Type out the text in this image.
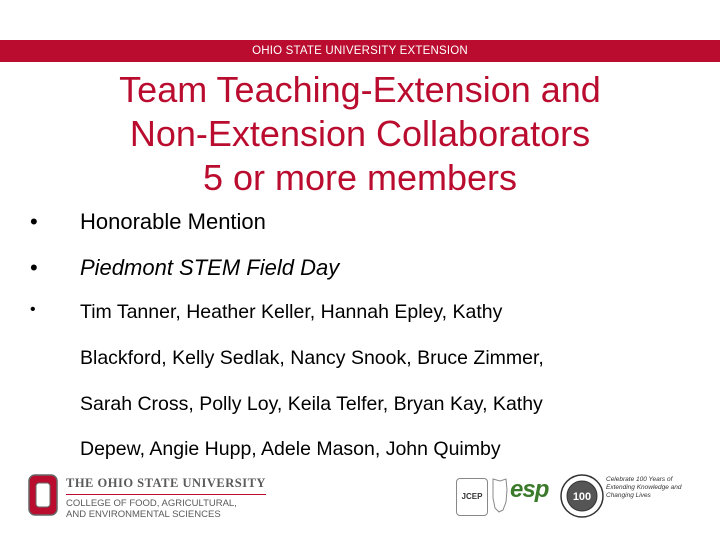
OHIO STATE UNIVERSITY EXTENSION
Team Teaching-Extension and
Non-Extension Collaborators
5 or more members
•	Honorable Mention
•	Piedmont STEM Field Day
•	Tim Tanner, Heather Keller, Hannah Epley, Kathy
Blackford, Kelly Sedlak, Nancy Snook, Bruce Zimmer,
Sarah Cross, Polly Loy, Keila Telfer, Bryan Kay, Kathy
Depew, Angie Hupp, Adele Mason, John Quimby
THE OHIO STATE UNIVERSITY
COLLEGE OF FOOD, AGRICULTURAL,
AND ENVIRONMENTAL SCIENCES
JCEP esp 100
Celebrate 100 Years of Extending Knowledge and Changing Lives
